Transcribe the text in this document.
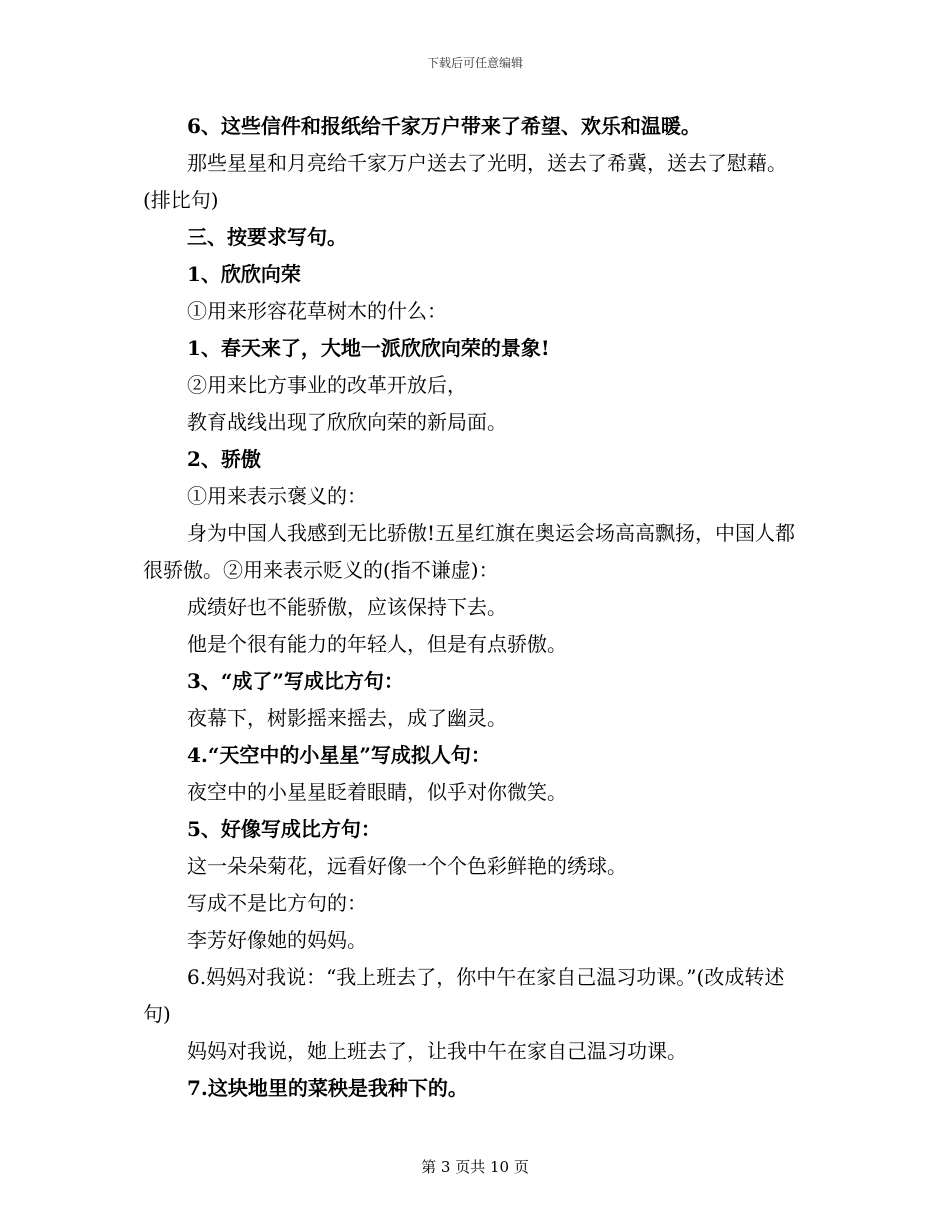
下载后可任意编辑

6、这些信件和报纸给千家万户带来了希望、欢乐和温暖。

那些星星和月亮给千家万户送去了光明，送去了希冀，送去了慰藉。(排比句)

三、按要求写句。

1、欣欣向荣

①用来形容花草树木的什么：

1、春天来了，大地一派欣欣向荣的景象!

②用来比方事业的改革开放后，

教育战线出现了欣欣向荣的新局面。

2、骄傲

①用来表示褒义的：

身为中国人我感到无比骄傲!五星红旗在奥运会场高高飘扬，中国人都很骄傲。②用来表示贬义的(指不谦虚)：

成绩好也不能骄傲，应该保持下去。

他是个很有能力的年轻人，但是有点骄傲。

3、“成了”写成比方句：

夜幕下，树影摇来摇去，成了幽灵。

4.“天空中的小星星”写成拟人句：

夜空中的小星星眨着眼睛，似乎对你微笑。

5、好像写成比方句：

这一朵朵菊花，远看好像一个个色彩鲜艳的绣球。

写成不是比方句的：

李芳好像她的妈妈。

6.妈妈对我说：“我上班去了，你中午在家自己温习功课。”(改成转述句)

妈妈对我说，她上班去了，让我中午在家自己温习功课。

7.这块地里的菜秧是我种下的。

第 3 页共 10 页
